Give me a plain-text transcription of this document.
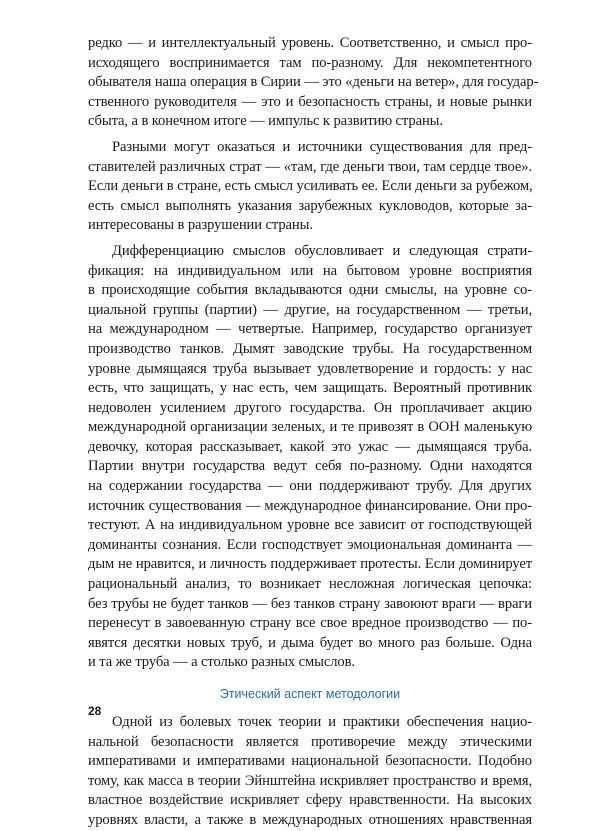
редко — и интеллектуальный уровень. Соответственно, и смысл про-
исходящего воспринимается там по-разному. Для некомпетентного
обывателя наша операция в Сирии — это «деньги на ветер», для государ-
ственного руководителя — это и безопасность страны, и новые рынки
сбыта, а в конечном итоге — импульс к развитию страны.
Разными могут оказаться и источники существования для пред-
ставителей различных страт — «там, где деньги твои, там сердце твое».
Если деньги в стране, есть смысл усиливать ее. Если деньги за рубежом,
есть смысл выполнять указания зарубежных кукловодов, которые за-
интересованы в разрушении страны.
Дифференциацию смыслов обусловливает и следующая страти-
фикация: на индивидуальном или на бытовом уровне восприятия
в происходящие события вкладываются одни смыслы, на уровне со-
циальной группы (партии) — другие, на государственном — третьи,
на международном — четвертые. Например, государство организует
производство танков. Дымят заводские трубы. На государственном
уровне дымящаяся труба вызывает удовлетворение и гордость: у нас
есть, что защищать, у нас есть, чем защищать. Вероятный противник
недоволен усилением другого государства. Он проплачивает акцию
международной организации зеленых, и те привозят в ООН маленькую
девочку, которая рассказывает, какой это ужас — дымящаяся труба.
Партии внутри государства ведут себя по-разному. Одни находятся
на содержании государства — они поддерживают трубу. Для других
источник существования — международное финансирование. Они про-
тестуют. А на индивидуальном уровне все зависит от господствующей
доминанты сознания. Если господствует эмоциональная доминанта —
дым не нравится, и личность поддерживает протесты. Если доминирует
рациональный анализ, то возникает несложная логическая цепочка:
без трубы не будет танков — без танков страну завоюют враги — враги
перенесут в завоеванную страну все свое вредное производство — по-
явятся десятки новых труб, и дыма будет во много раз больше. Одна
и та же труба — а столько разных смыслов.
Этический аспект методологии
Одной из болевых точек теории и практики обеспечения нацио-
нальной безопасности является противоречие между этическими
императивами и императивами национальной безопасности. Подобно
тому, как масса в теории Эйнштейна искривляет пространство и время,
властное воздействие искривляет сферу нравственности. На высоких
уровнях власти, а также в международных отношениях нравственная
28
